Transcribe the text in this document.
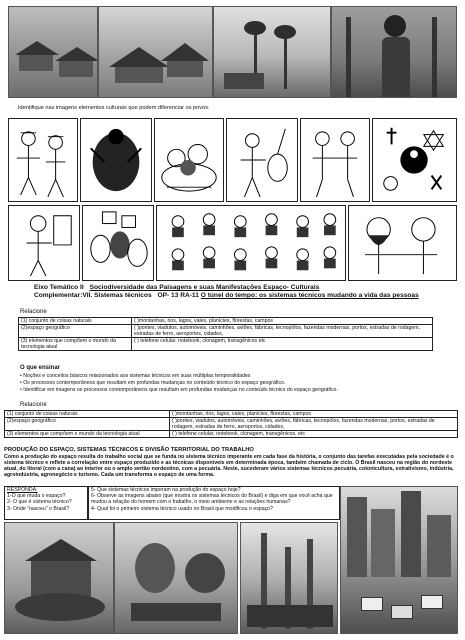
Identifique nas imagens elementos culturais que podem diferenciar os povos.
Eixo Temático II Sociodiversidade das Paisagens e suas Manifestações Espaço- Culturais
Complementar:VII. Sistemas técnicos OP- 13 RA-11 O túnel do tempo: os sistemas técnicos mudando a vida das pessoas
Relacione
(1) conjunto de coisas naturais	( )montanhas, rios, lagos, vales, planícies, florestas, campos
(2)espaço geográfico	( )pontes, viadutos, automóveis, caminhões, aviões, fábricas, tecnopólos, fazendas modernas, portos, estradas de rodagem, estradas de ferro, aeroportos, cidades,
(3) elementos que compõem o mundo da tecnologia atual	( ) telefone celular, notebook, clonagem, transgênicos etc
O que ensinar
• Noções e conceitos básicos relacionados aos sistemas técnicos em suas múltiplas temporalidades
• Os processos contemporâneos que resultam em profundas mudanças no conteúdo técnico do espaço geográfico.
• Identificar em imagens os processos contemporâneos que resultam em profundas mudanças no conteúdo técnico do espaço geográfico.
Relacione
(1) conjunto de coisas naturais	( )montanhas, rios, lagos, vales, planícies, florestas, campos
(2)espaço geográfico	( )pontes, viadutos, automóveis, caminhões, aviões, fábricas, tecnopólos, fazendas modernas, portos, estradas de rodagem, estradas de ferro, aeroportos, cidades,
(3) elementos que compõem o mundo da tecnologia atual	( ) telefone celular, notebook, clonagem, transgênicos, etc
PRODUÇÃO DO ESPAÇO, SISTEMAS TÉCNICOS E DIVISÃO TERRITORIAL DO TRABALHO
Como a produção do espaço resulta do trabalho social que se funda no sistema técnico imperante em cada fase da história, o conjunto das tarefas executadas pela sociedade é o sistema técnico e reflete a correlação entre espaço produzido e as técnicas disponíveis em determinada época, também chamada de ciclo. O Brasil nasceu na região do nordeste atual, do litoral (com a cana) ao interior ou o amplo sertão nordestino, com a pecuária. Neste, sucederam vários sistemas técnicos pecuária, cotonicultura, extrativismo, indústria, agroindústria, agronegócio e turismo. Cada um transforma o espaço de uma forma.
RESPONDA:
1-O que muda o espaço?
2- O que é sistema técnico?
3- Onde "nasceu" o Brasil?
5- Que sistemas técnicos imperam na produção do espaço hoje?
6- Observe as imagens abaixo (que mostra os sistemas técnicos do Brasil) e diga em que você acha que mudou a relação do homem com o trabalho, o meio ambiente e as relações humanas?
4- Qual foi o primeiro sistema técnico usado no Brasil que modificou o espaço?
